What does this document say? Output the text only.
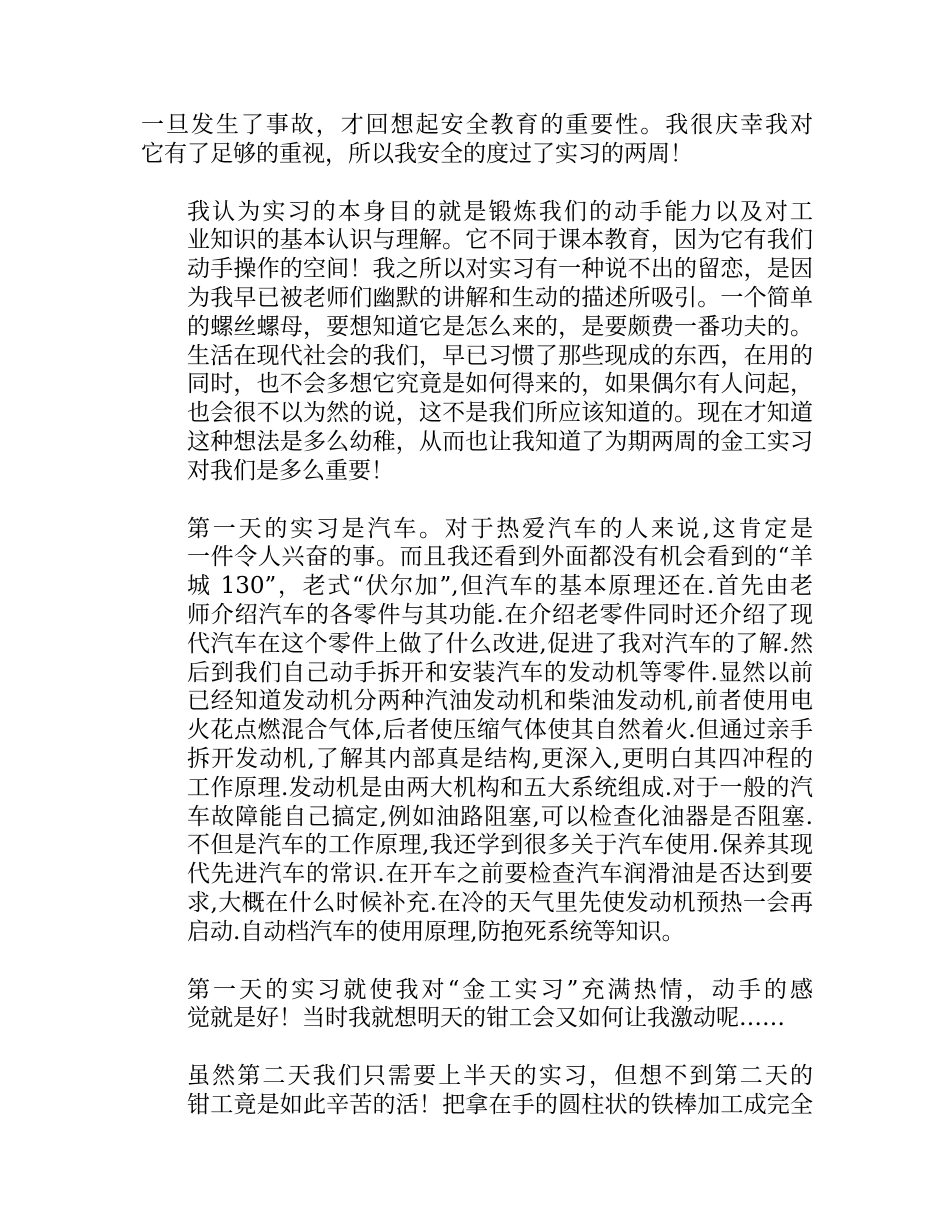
一旦发生了事故，才回想起安全教育的重要性。我很庆幸我对
它有了足够的重视，所以我安全的度过了实习的两周！
我认为实习的本身目的就是锻炼我们的动手能力以及对工
业知识的基本认识与理解。它不同于课本教育，因为它有我们
动手操作的空间！我之所以对实习有一种说不出的留恋，是因
为我早已被老师们幽默的讲解和生动的描述所吸引。一个简单
的螺丝螺母，要想知道它是怎么来的，是要颇费一番功夫的。
生活在现代社会的我们，早已习惯了那些现成的东西，在用的
同时，也不会多想它究竟是如何得来的，如果偶尔有人问起，
也会很不以为然的说，这不是我们所应该知道的。现在才知道
这种想法是多么幼稚，从而也让我知道了为期两周的金工实习
对我们是多么重要！
第一天的实习是汽车。对于热爱汽车的人来说,这肯定是
一件令人兴奋的事。而且我还看到外面都没有机会看到的“羊
城 130”，老式“伏尔加”,但汽车的基本原理还在.首先由老
师介绍汽车的各零件与其功能.在介绍老零件同时还介绍了现
代汽车在这个零件上做了什么改进,促进了我对汽车的了解.然
后到我们自己动手拆开和安装汽车的发动机等零件.显然以前
已经知道发动机分两种汽油发动机和柴油发动机,前者使用电
火花点燃混合气体,后者使压缩气体使其自然着火.但通过亲手
拆开发动机,了解其内部真是结构,更深入,更明白其四冲程的
工作原理.发动机是由两大机构和五大系统组成.对于一般的汽
车故障能自己搞定,例如油路阻塞,可以检查化油器是否阻塞.
不但是汽车的工作原理,我还学到很多关于汽车使用.保养其现
代先进汽车的常识.在开车之前要检查汽车润滑油是否达到要
求,大概在什么时候补充.在冷的天气里先使发动机预热一会再
启动.自动档汽车的使用原理,防抱死系统等知识。
第一天的实习就使我对“金工实习”充满热情，动手的感
觉就是好！当时我就想明天的钳工会又如何让我激动呢……
虽然第二天我们只需要上半天的实习，但想不到第二天的
钳工竟是如此辛苦的活！把拿在手的圆柱状的铁棒加工成完全
